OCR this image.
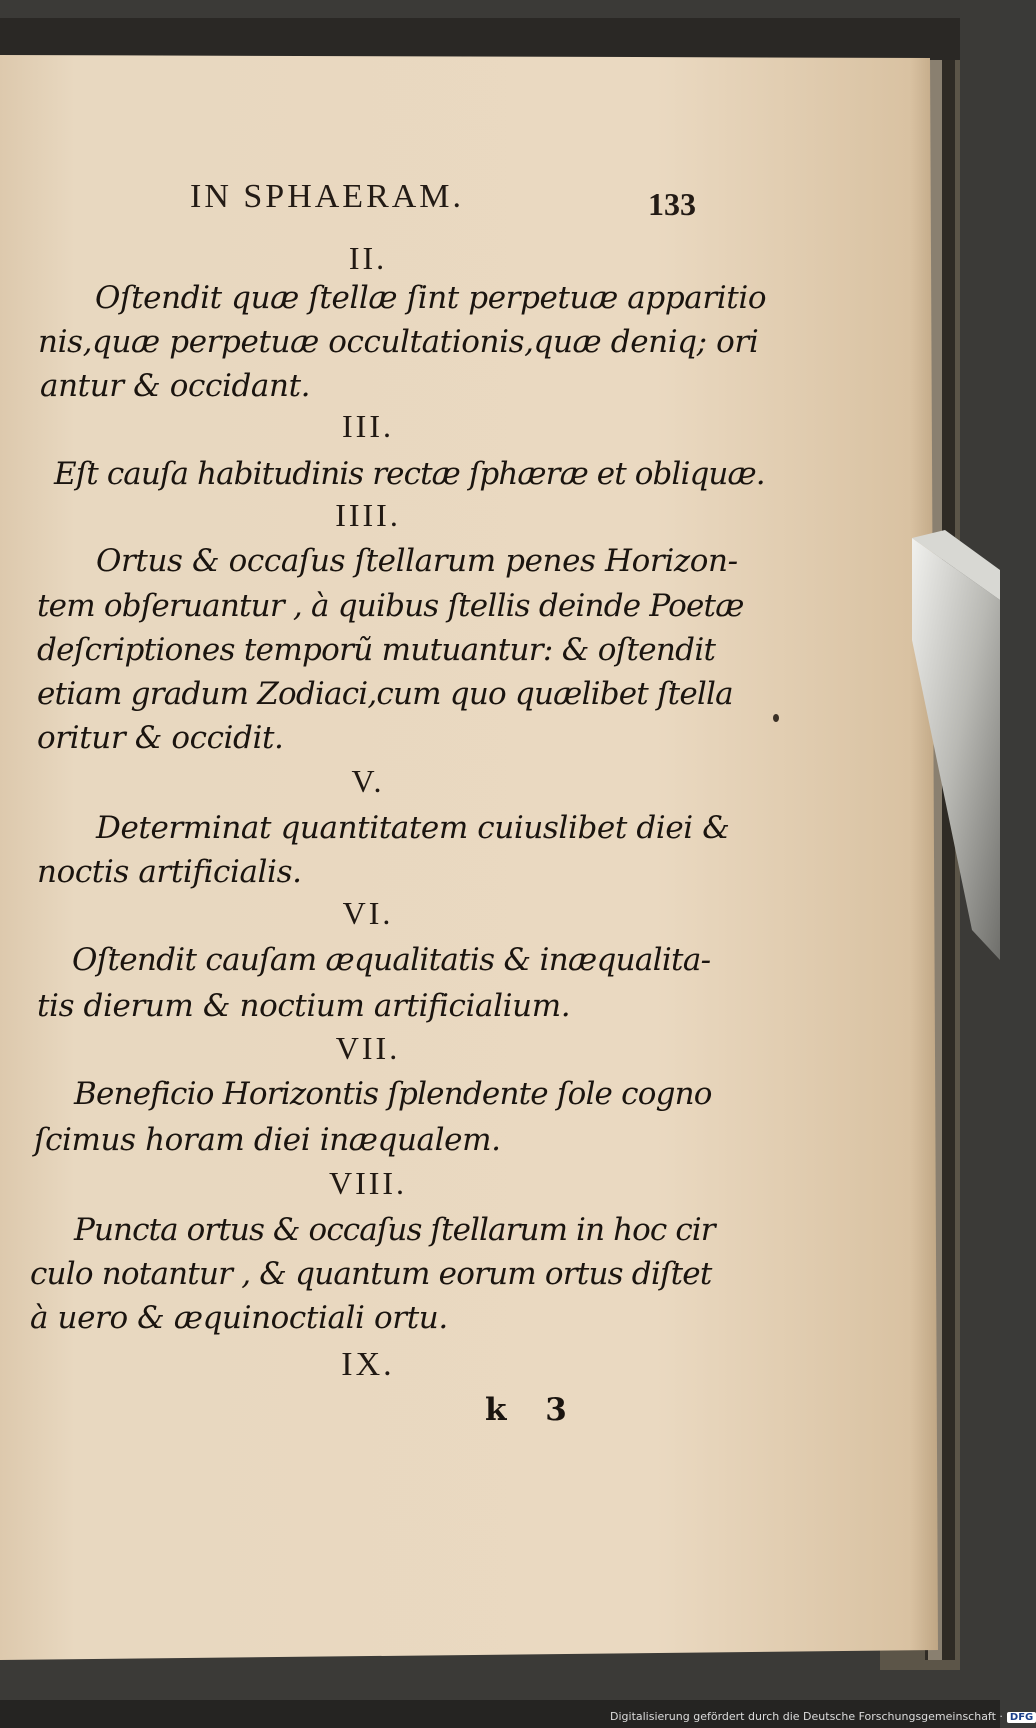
IN SPHAERAM.	133
II.
Oſtendit quæ ſtellæ ſint perpetuæ apparitio
nis,quæ perpetuæ occultationis,quæ deniq; ori
antur & occidant.
III.
Eſt cauſa habitudinis rectæ ſphæræ et obliquæ.
IIII.
Ortus & occaſus ſtellarum penes Horizon-
tem obſeruantur , à quibus ſtellis deinde Poetæ
deſcriptiones temporũ mutuantur: & oſtendit
etiam gradum Zodiaci,cum quo quælibet ſtella
oritur & occidit.
V.
Determinat quantitatem cuiuslibet diei &
noctis artificialis.
VI.
Oſtendit cauſam æqualitatis & inæqualita-
tis dierum & noctium artificialium.
VII.
Beneficio Horizontis ſplendente ſole cogno
ſcimus horam diei inæqualem.
VIII.
Puncta ortus & occaſus ſtellarum in hoc cir
culo notantur , & quantum eorum ortus diſtet
à uero & æquinoctiali ortu.
IX.
k 3
Digitalisierung gefördert durch die Deutsche Forschungsgemeinschaft · DFG
